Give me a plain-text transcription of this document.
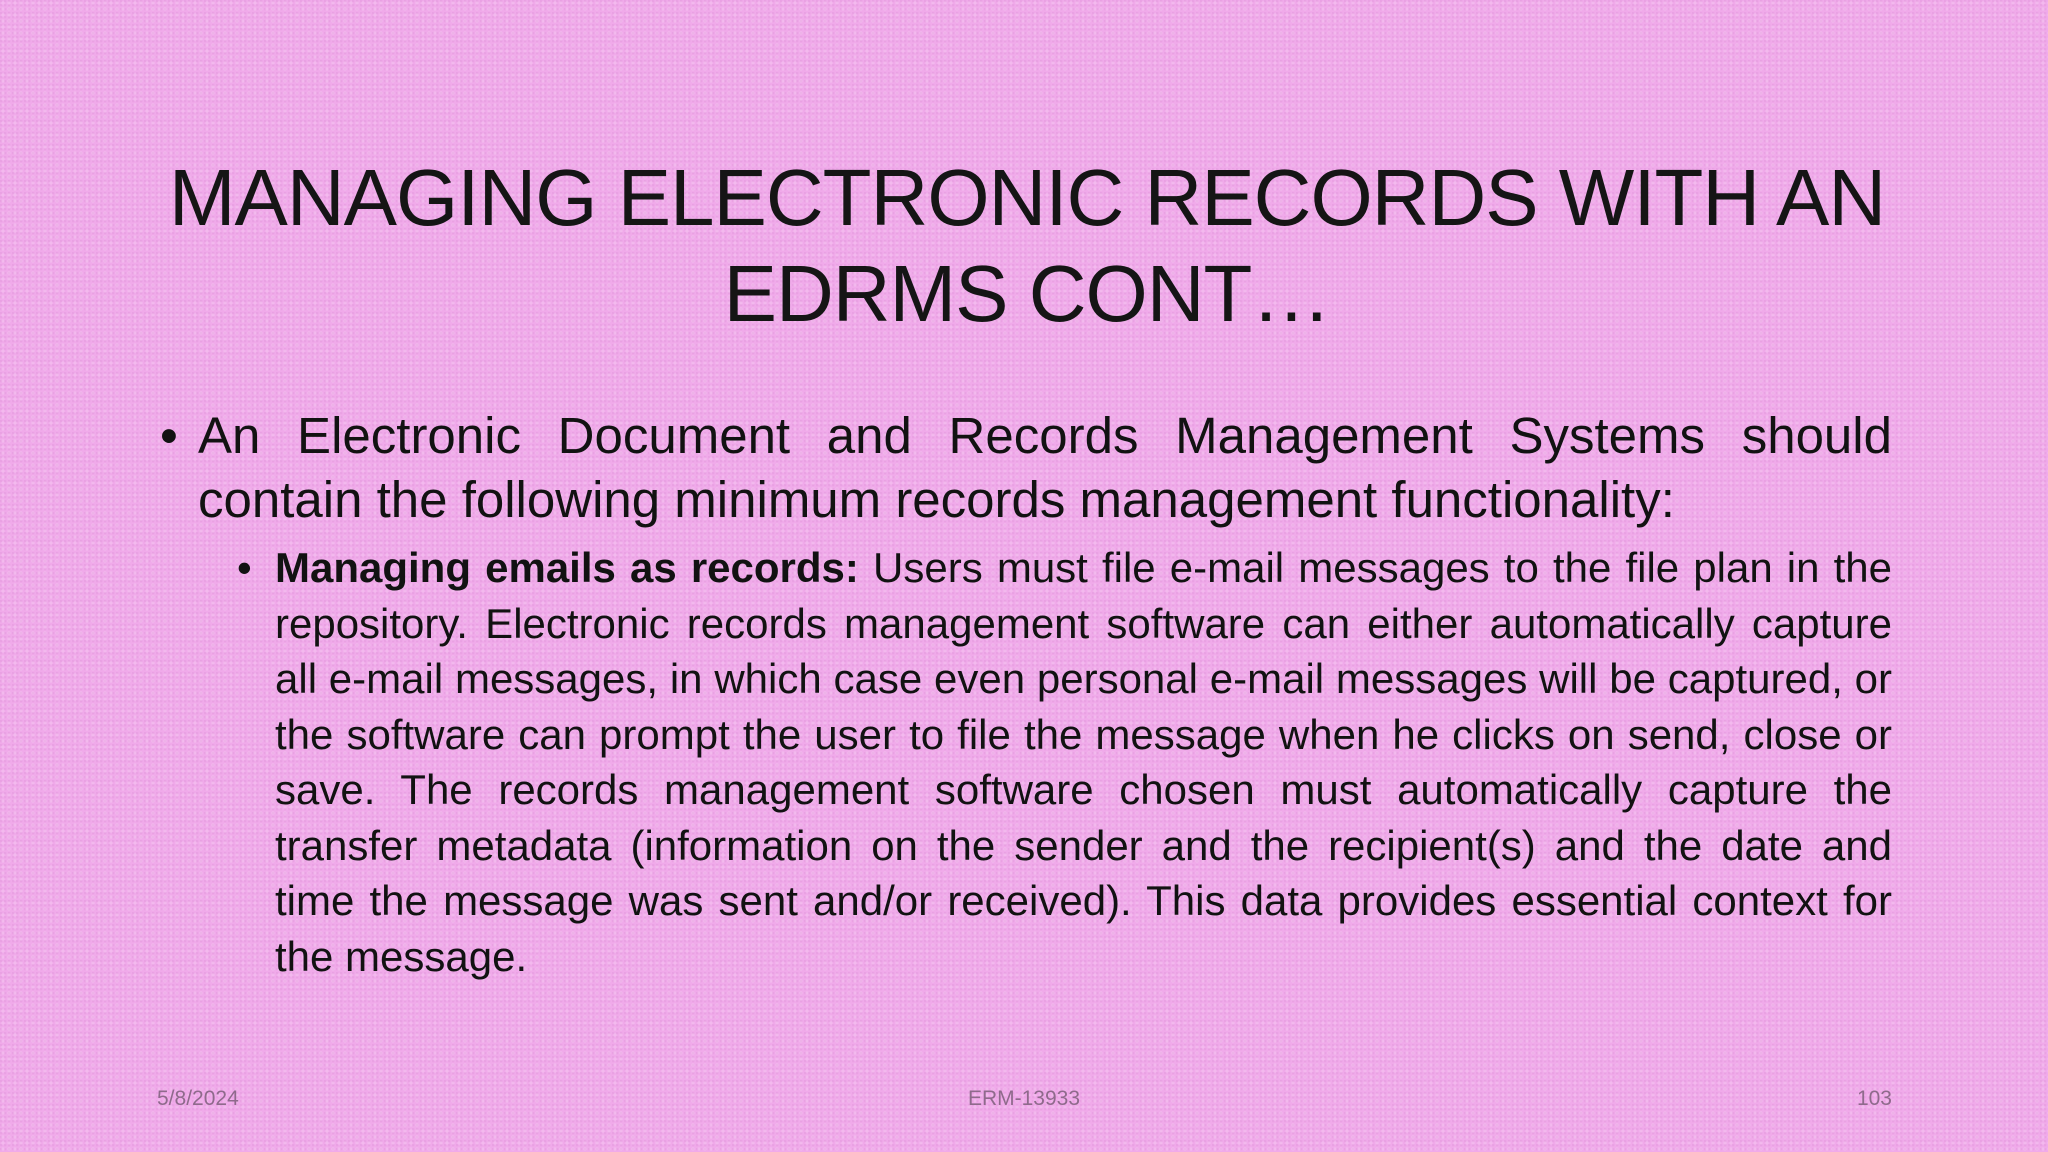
MANAGING ELECTRONIC RECORDS WITH AN EDRMS CONT…
• An Electronic Document and Records Management Systems should contain the following minimum records management functionality:
• Managing emails as records: Users must file e-mail messages to the file plan in the repository. Electronic records management software can either automatically capture all e-mail messages, in which case even personal e-mail messages will be captured, or the software can prompt the user to file the message when he clicks on send, close or save. The records management software chosen must automatically capture the transfer metadata (information on the sender and the recipient(s) and the date and time the message was sent and/or received). This data provides essential context for the message.
5/8/2024	ERM-13933	103
